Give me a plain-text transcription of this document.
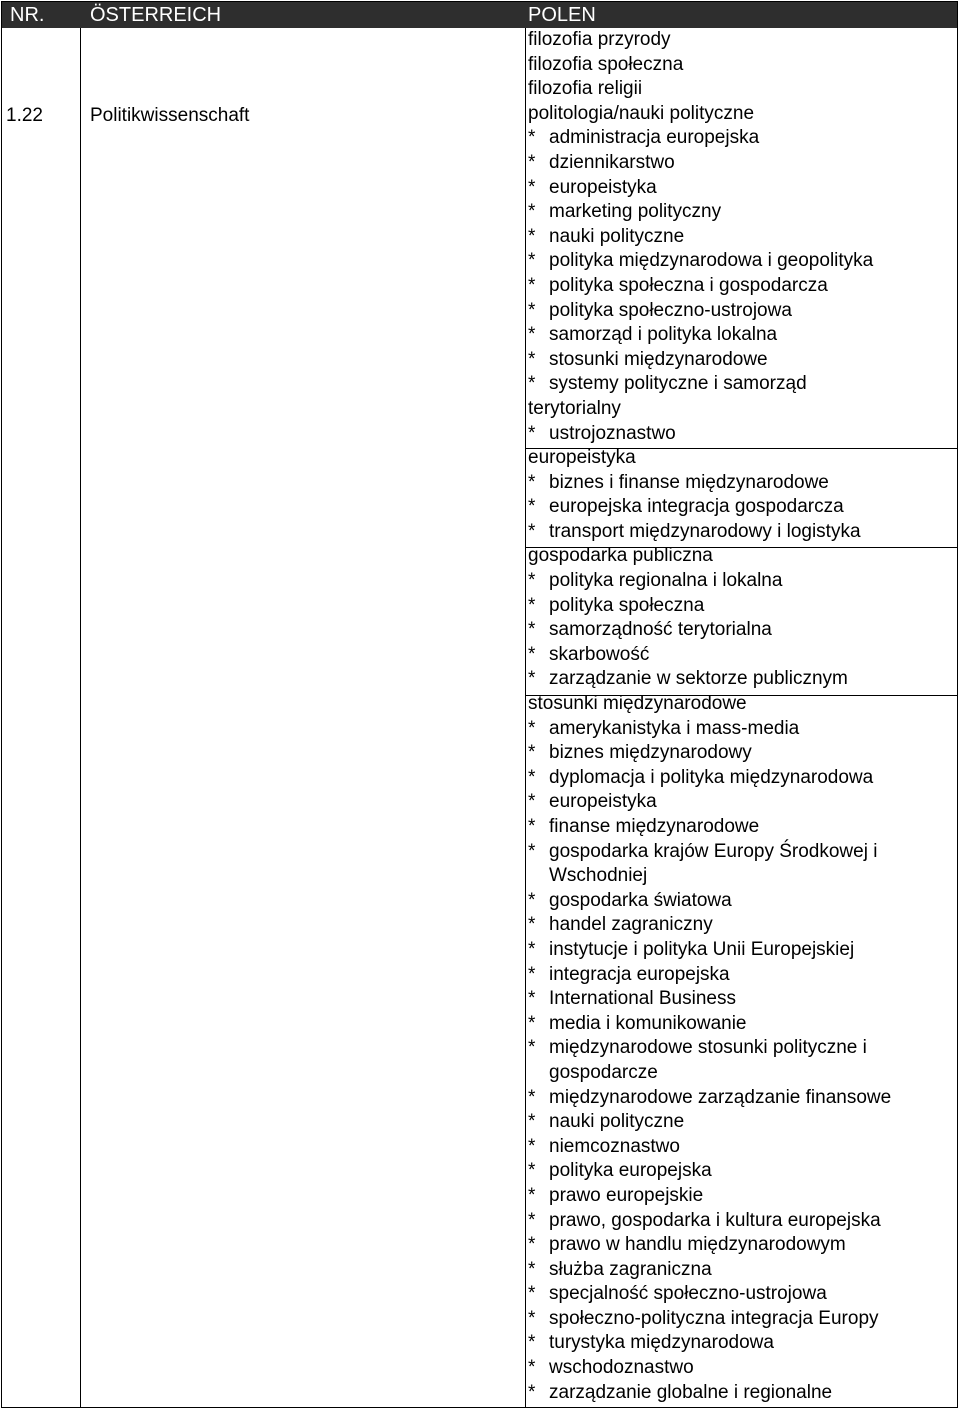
NR. ÖSTERREICH	POLEN
1.22 Politikwissenschaft
filozofia przyrody
filozofia społeczna
filozofia religii
politologia/nauki polityczne
* administracja europejska
* dziennikarstwo
* europeistyka
* marketing polityczny
* nauki polityczne
* polityka międzynarodowa i geopolityka
* polityka społeczna i gospodarcza
* polityka społeczno-ustrojowa
* samorząd i polityka lokalna
* stosunki międzynarodowe
* systemy polityczne i samorząd
terytorialny
* ustrojoznastwo
europeistyka
* biznes i finanse międzynarodowe
* europejska integracja gospodarcza
* transport międzynarodowy i logistyka
gospodarka publiczna
* polityka regionalna i lokalna
* polityka społeczna
* samorządność terytorialna
* skarbowość
* zarządzanie w sektorze publicznym
stosunki międzynarodowe
* amerykanistyka i mass-media
* biznes międzynarodowy
* dyplomacja i polityka międzynarodowa
* europeistyka
* finanse międzynarodowe
* gospodarka krajów Europy Środkowej i
Wschodniej
* gospodarka światowa
* handel zagraniczny
* instytucje i polityka Unii Europejskiej
* integracja europejska
* International Business
* media i komunikowanie
* międzynarodowe stosunki polityczne i
gospodarcze
* międzynarodowe zarządzanie finansowe
* nauki polityczne
* niemcoznastwo
* polityka europejska
* prawo europejskie
* prawo, gospodarka i kultura europejska
* prawo w handlu międzynarodowym
* służba zagraniczna
* specjalność społeczno-ustrojowa
* społeczno-polityczna integracja Europy
* turystyka międzynarodowa
* wschodoznastwo
* zarządzanie globalne i regionalne
